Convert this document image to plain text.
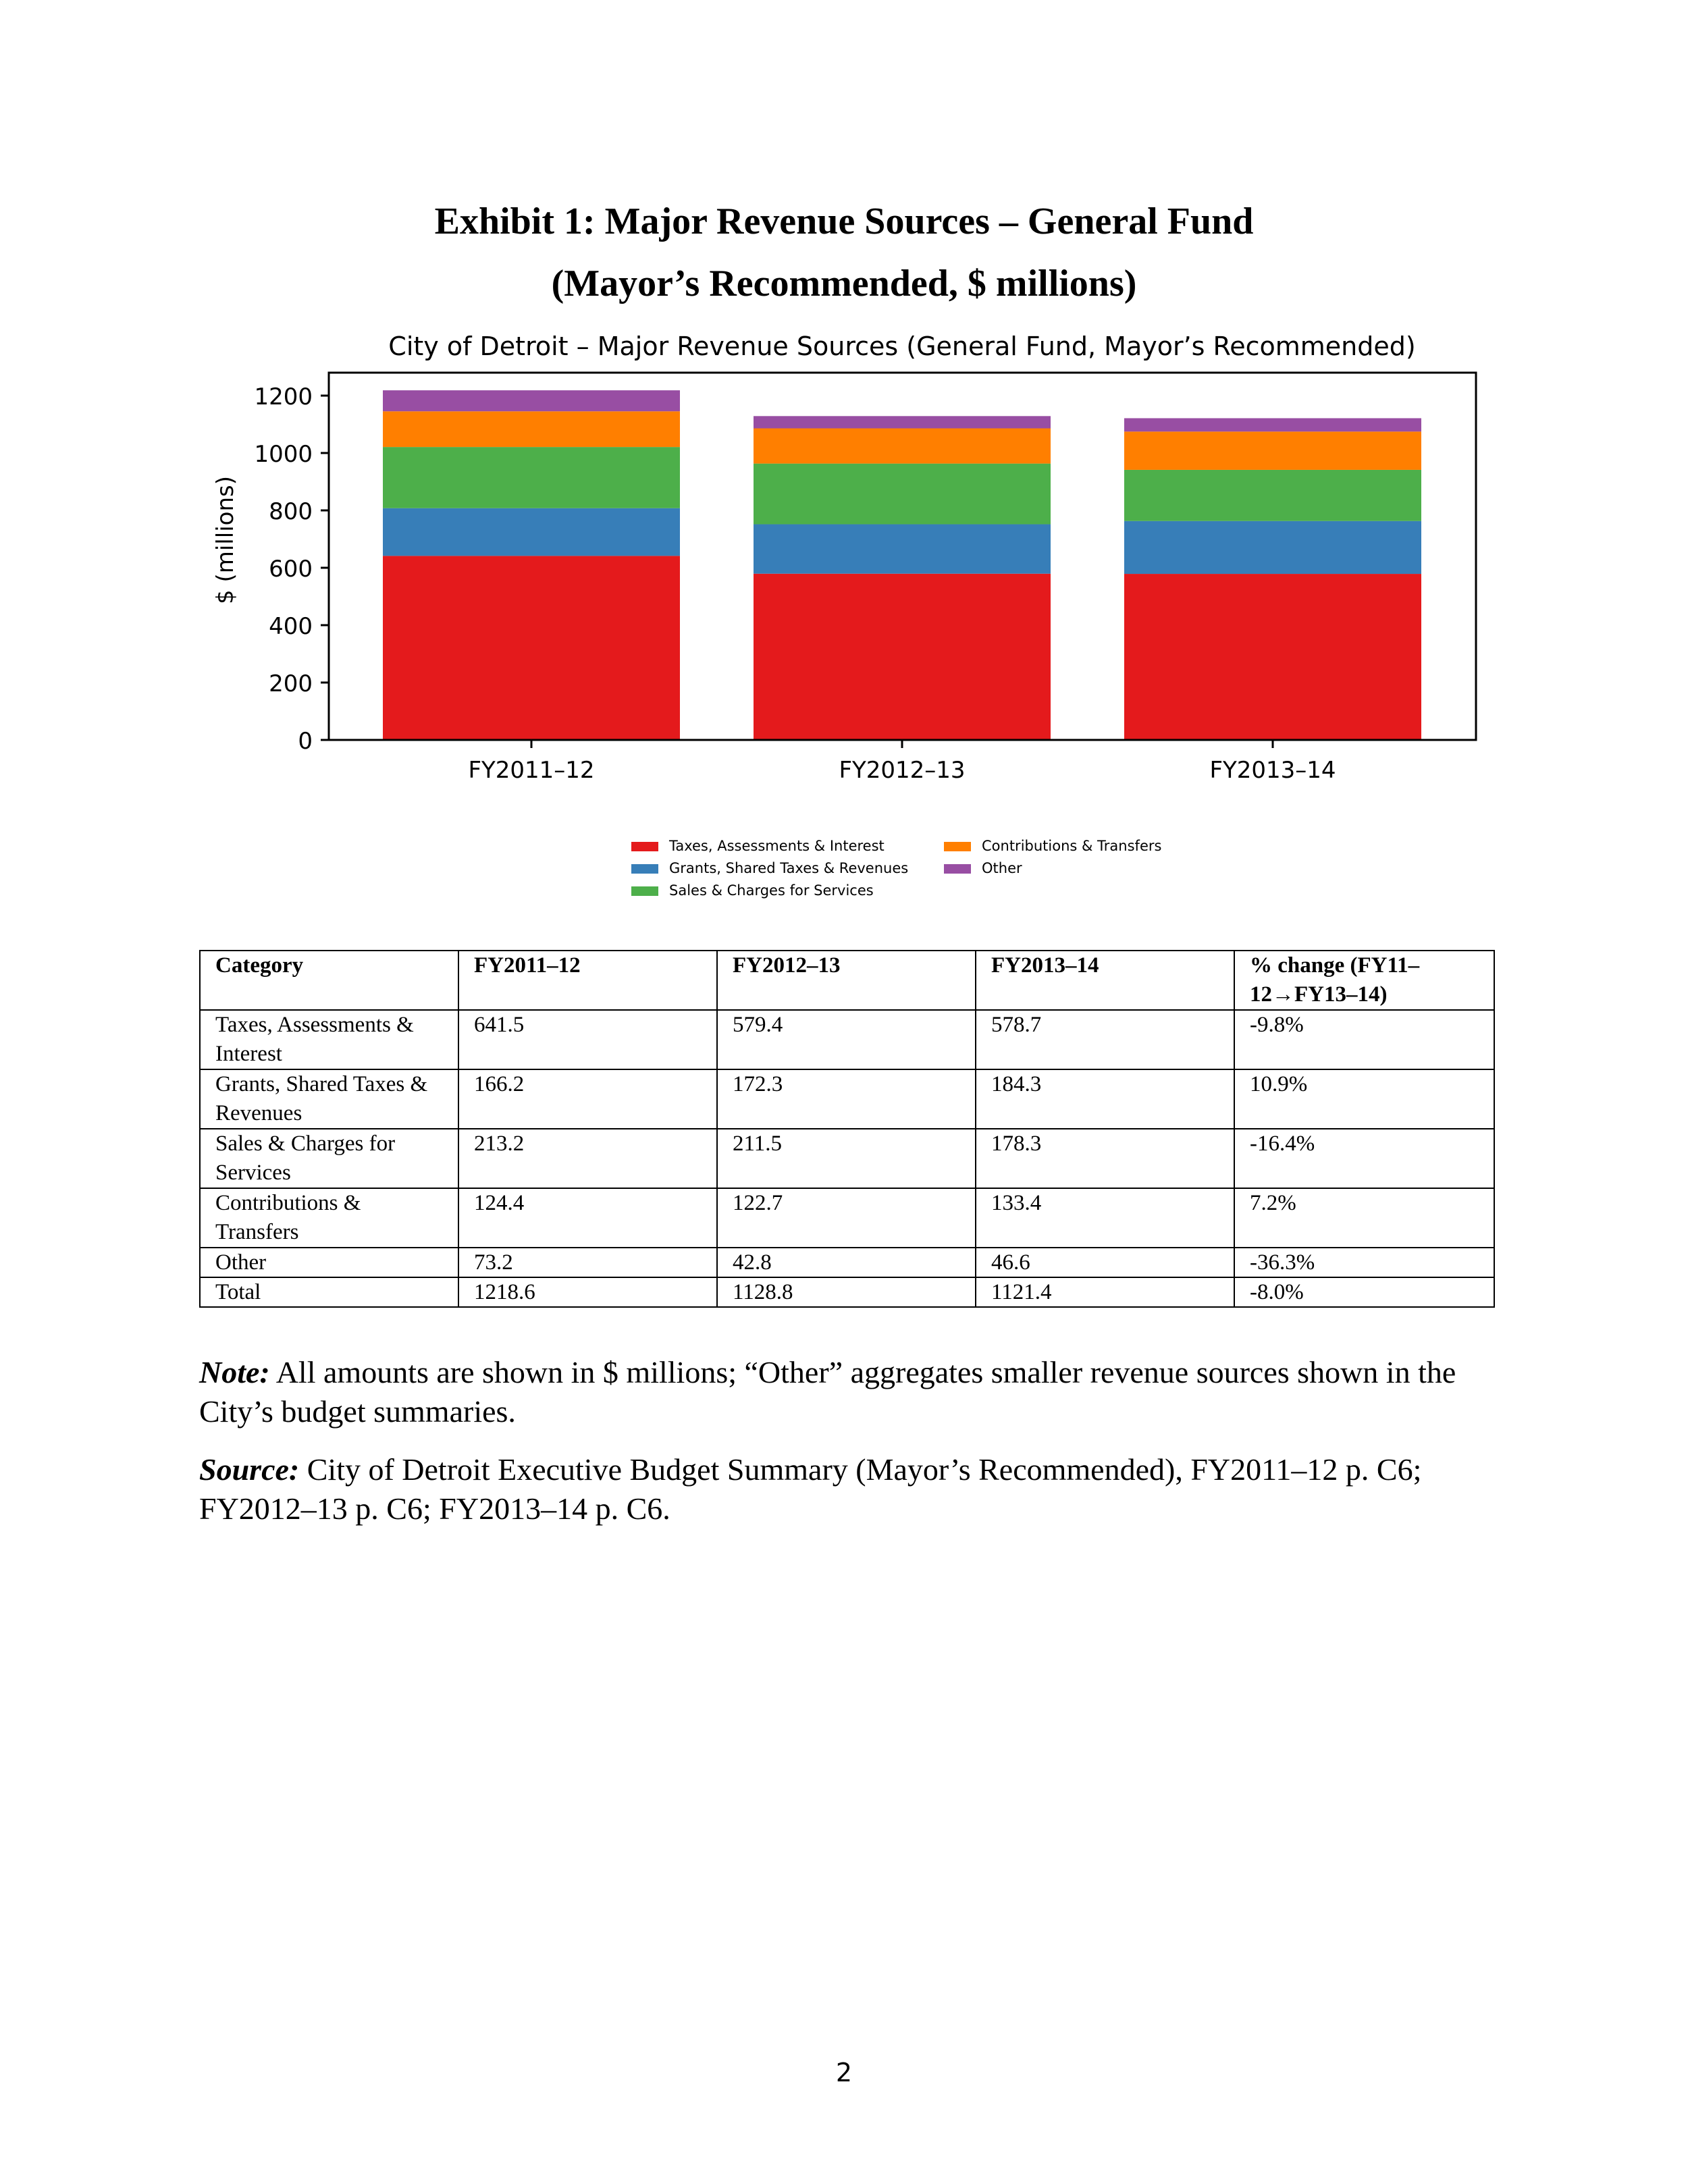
Exhibit 1: Major Revenue Sources – General Fund
(Mayor’s Recommended, $ millions)
City of Detroit – Major Revenue Sources (General Fund, Mayor’s Recommended)
$ (millions)
0
200
400
600
800
1000
1200
FY2011–12	FY2012–13	FY2013–14
Taxes, Assessments & Interest
Grants, Shared Taxes & Revenues
Sales & Charges for Services
Contributions & Transfers
Other
Category	FY2011–12	FY2012–13	FY2013–14	% change (FY11–12→FY13–14)
Taxes, Assessments & Interest	641.5	579.4	578.7	-9.8%
Grants, Shared Taxes & Revenues	166.2	172.3	184.3	10.9%
Sales & Charges for Services	213.2	211.5	178.3	-16.4%
Contributions & Transfers	124.4	122.7	133.4	7.2%
Other	73.2	42.8	46.6	-36.3%
Total	1218.6	1128.8	1121.4	-8.0%
Note: All amounts are shown in $ millions; “Other” aggregates smaller revenue sources shown in the City’s budget summaries.
Source: City of Detroit Executive Budget Summary (Mayor’s Recommended), FY2011–12 p. C6; FY2012–13 p. C6; FY2013–14 p. C6.
2
